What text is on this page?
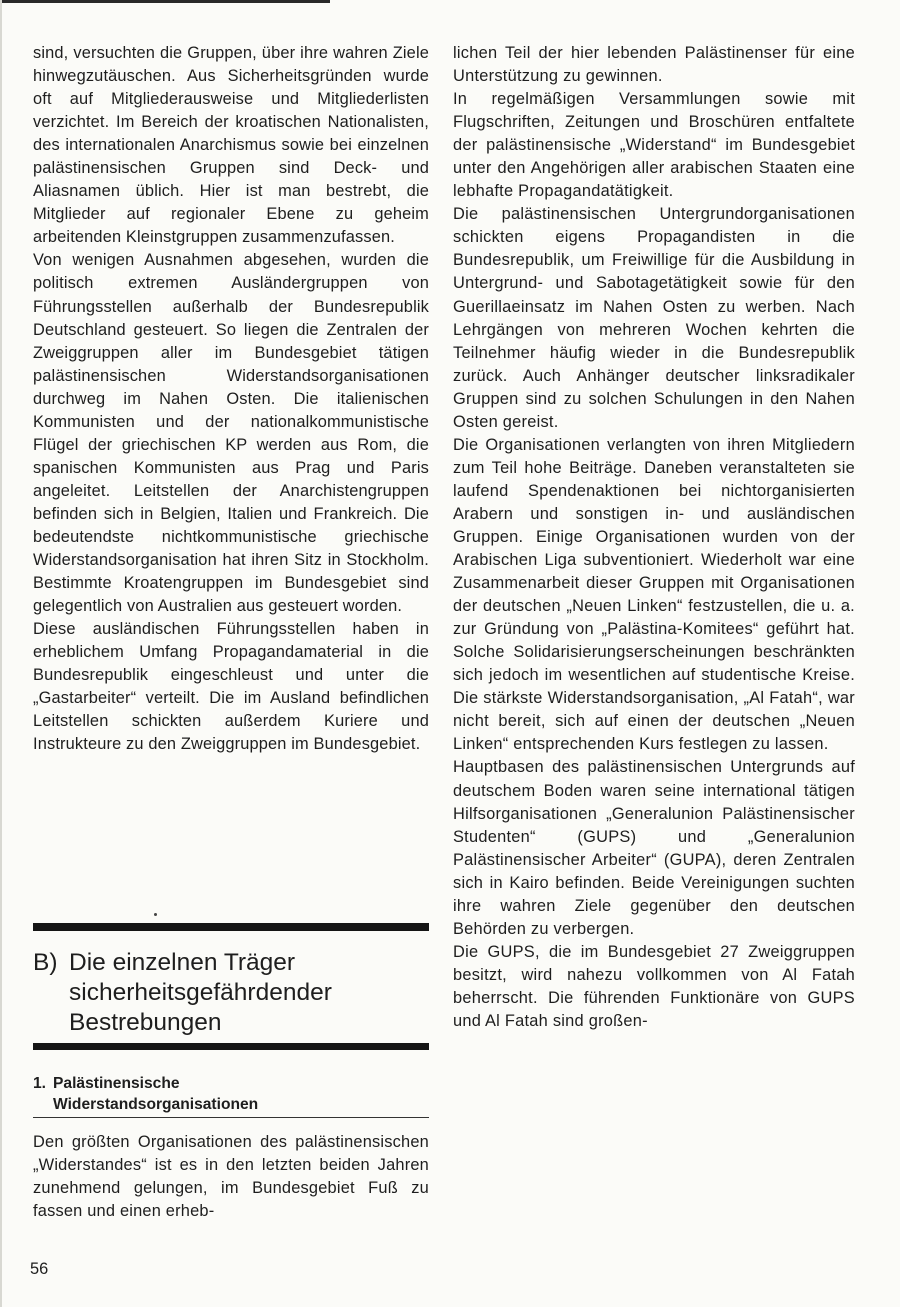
sind, versuchten die Gruppen, über ihre wahren Ziele hinwegzutäuschen. Aus Sicherheitsgründen wurde oft auf Mitgliederausweise und Mitgliederlisten verzichtet. Im Bereich der kroatischen Nationalisten, des internationalen Anarchismus sowie bei einzelnen palästinensischen Gruppen sind Deck- und Aliasnamen üblich. Hier ist man bestrebt, die Mitglieder auf regionaler Ebene zu geheim arbeitenden Kleinstgruppen zusammenzufassen.

Von wenigen Ausnahmen abgesehen, wurden die politisch extremen Ausländergruppen von Führungsstellen außerhalb der Bundesrepublik Deutschland gesteuert. So liegen die Zentralen der Zweiggruppen aller im Bundesgebiet tätigen palästinensischen Widerstandsorganisationen durchweg im Nahen Osten. Die italienischen Kommunisten und der nationalkommunistische Flügel der griechischen KP werden aus Rom, die spanischen Kommunisten aus Prag und Paris angeleitet. Leitstellen der Anarchistengruppen befinden sich in Belgien, Italien und Frankreich. Die bedeutendste nichtkommunistische griechische Widerstandsorganisation hat ihren Sitz in Stockholm. Bestimmte Kroatengruppen im Bundesgebiet sind gelegentlich von Australien aus gesteuert worden.

Diese ausländischen Führungsstellen haben in erheblichem Umfang Propagandamaterial in die Bundesrepublik eingeschleust und unter die „Gastarbeiter“ verteilt. Die im Ausland befindlichen Leitstellen schickten außerdem Kuriere und Instrukteure zu den Zweiggruppen im Bundesgebiet.

B) Die einzelnen Träger sicherheitsgefährdender Bestrebungen
1. Palästinensische Widerstandsorganisationen

Den größten Organisationen des palästinensischen „Widerstandes“ ist es in den letzten beiden Jahren zunehmend gelungen, im Bundesgebiet Fuß zu fassen und einen erheb-

lichen Teil der hier lebenden Palästinenser für eine Unterstützung zu gewinnen.

In regelmäßigen Versammlungen sowie mit Flugschriften, Zeitungen und Broschüren entfaltete der palästinensische „Widerstand“ im Bundesgebiet unter den Angehörigen aller arabischen Staaten eine lebhafte Propagandatätigkeit.

Die palästinensischen Untergrundorganisationen schickten eigens Propagandisten in die Bundesrepublik, um Freiwillige für die Ausbildung in Untergrund- und Sabotagetätigkeit sowie für den Guerillaeinsatz im Nahen Osten zu werben. Nach Lehrgängen von mehreren Wochen kehrten die Teilnehmer häufig wieder in die Bundesrepublik zurück. Auch Anhänger deutscher linksradikaler Gruppen sind zu solchen Schulungen in den Nahen Osten gereist.

Die Organisationen verlangten von ihren Mitgliedern zum Teil hohe Beiträge. Daneben veranstalteten sie laufend Spendenaktionen bei nichtorganisierten Arabern und sonstigen in- und ausländischen Gruppen. Einige Organisationen wurden von der Arabischen Liga subventioniert. Wiederholt war eine Zusammenarbeit dieser Gruppen mit Organisationen der deutschen „Neuen Linken“ festzustellen, die u. a. zur Gründung von „Palästina-Komitees“ geführt hat. Solche Solidarisierungserscheinungen beschränkten sich jedoch im wesentlichen auf studentische Kreise. Die stärkste Widerstandsorganisation, „Al Fatah“, war nicht bereit, sich auf einen der deutschen „Neuen Linken“ entsprechenden Kurs festlegen zu lassen.

Hauptbasen des palästinensischen Untergrunds auf deutschem Boden waren seine international tätigen Hilfsorganisationen „Generalunion Palästinensischer Studenten“ (GUPS) und „Generalunion Palästinensischer Arbeiter“ (GUPA), deren Zentralen sich in Kairo befinden. Beide Vereinigungen suchten ihre wahren Ziele gegenüber den deutschen Behörden zu verbergen.

Die GUPS, die im Bundesgebiet 27 Zweiggruppen besitzt, wird nahezu vollkommen von Al Fatah beherrscht. Die führenden Funktionäre von GUPS und Al Fatah sind großen-

56
